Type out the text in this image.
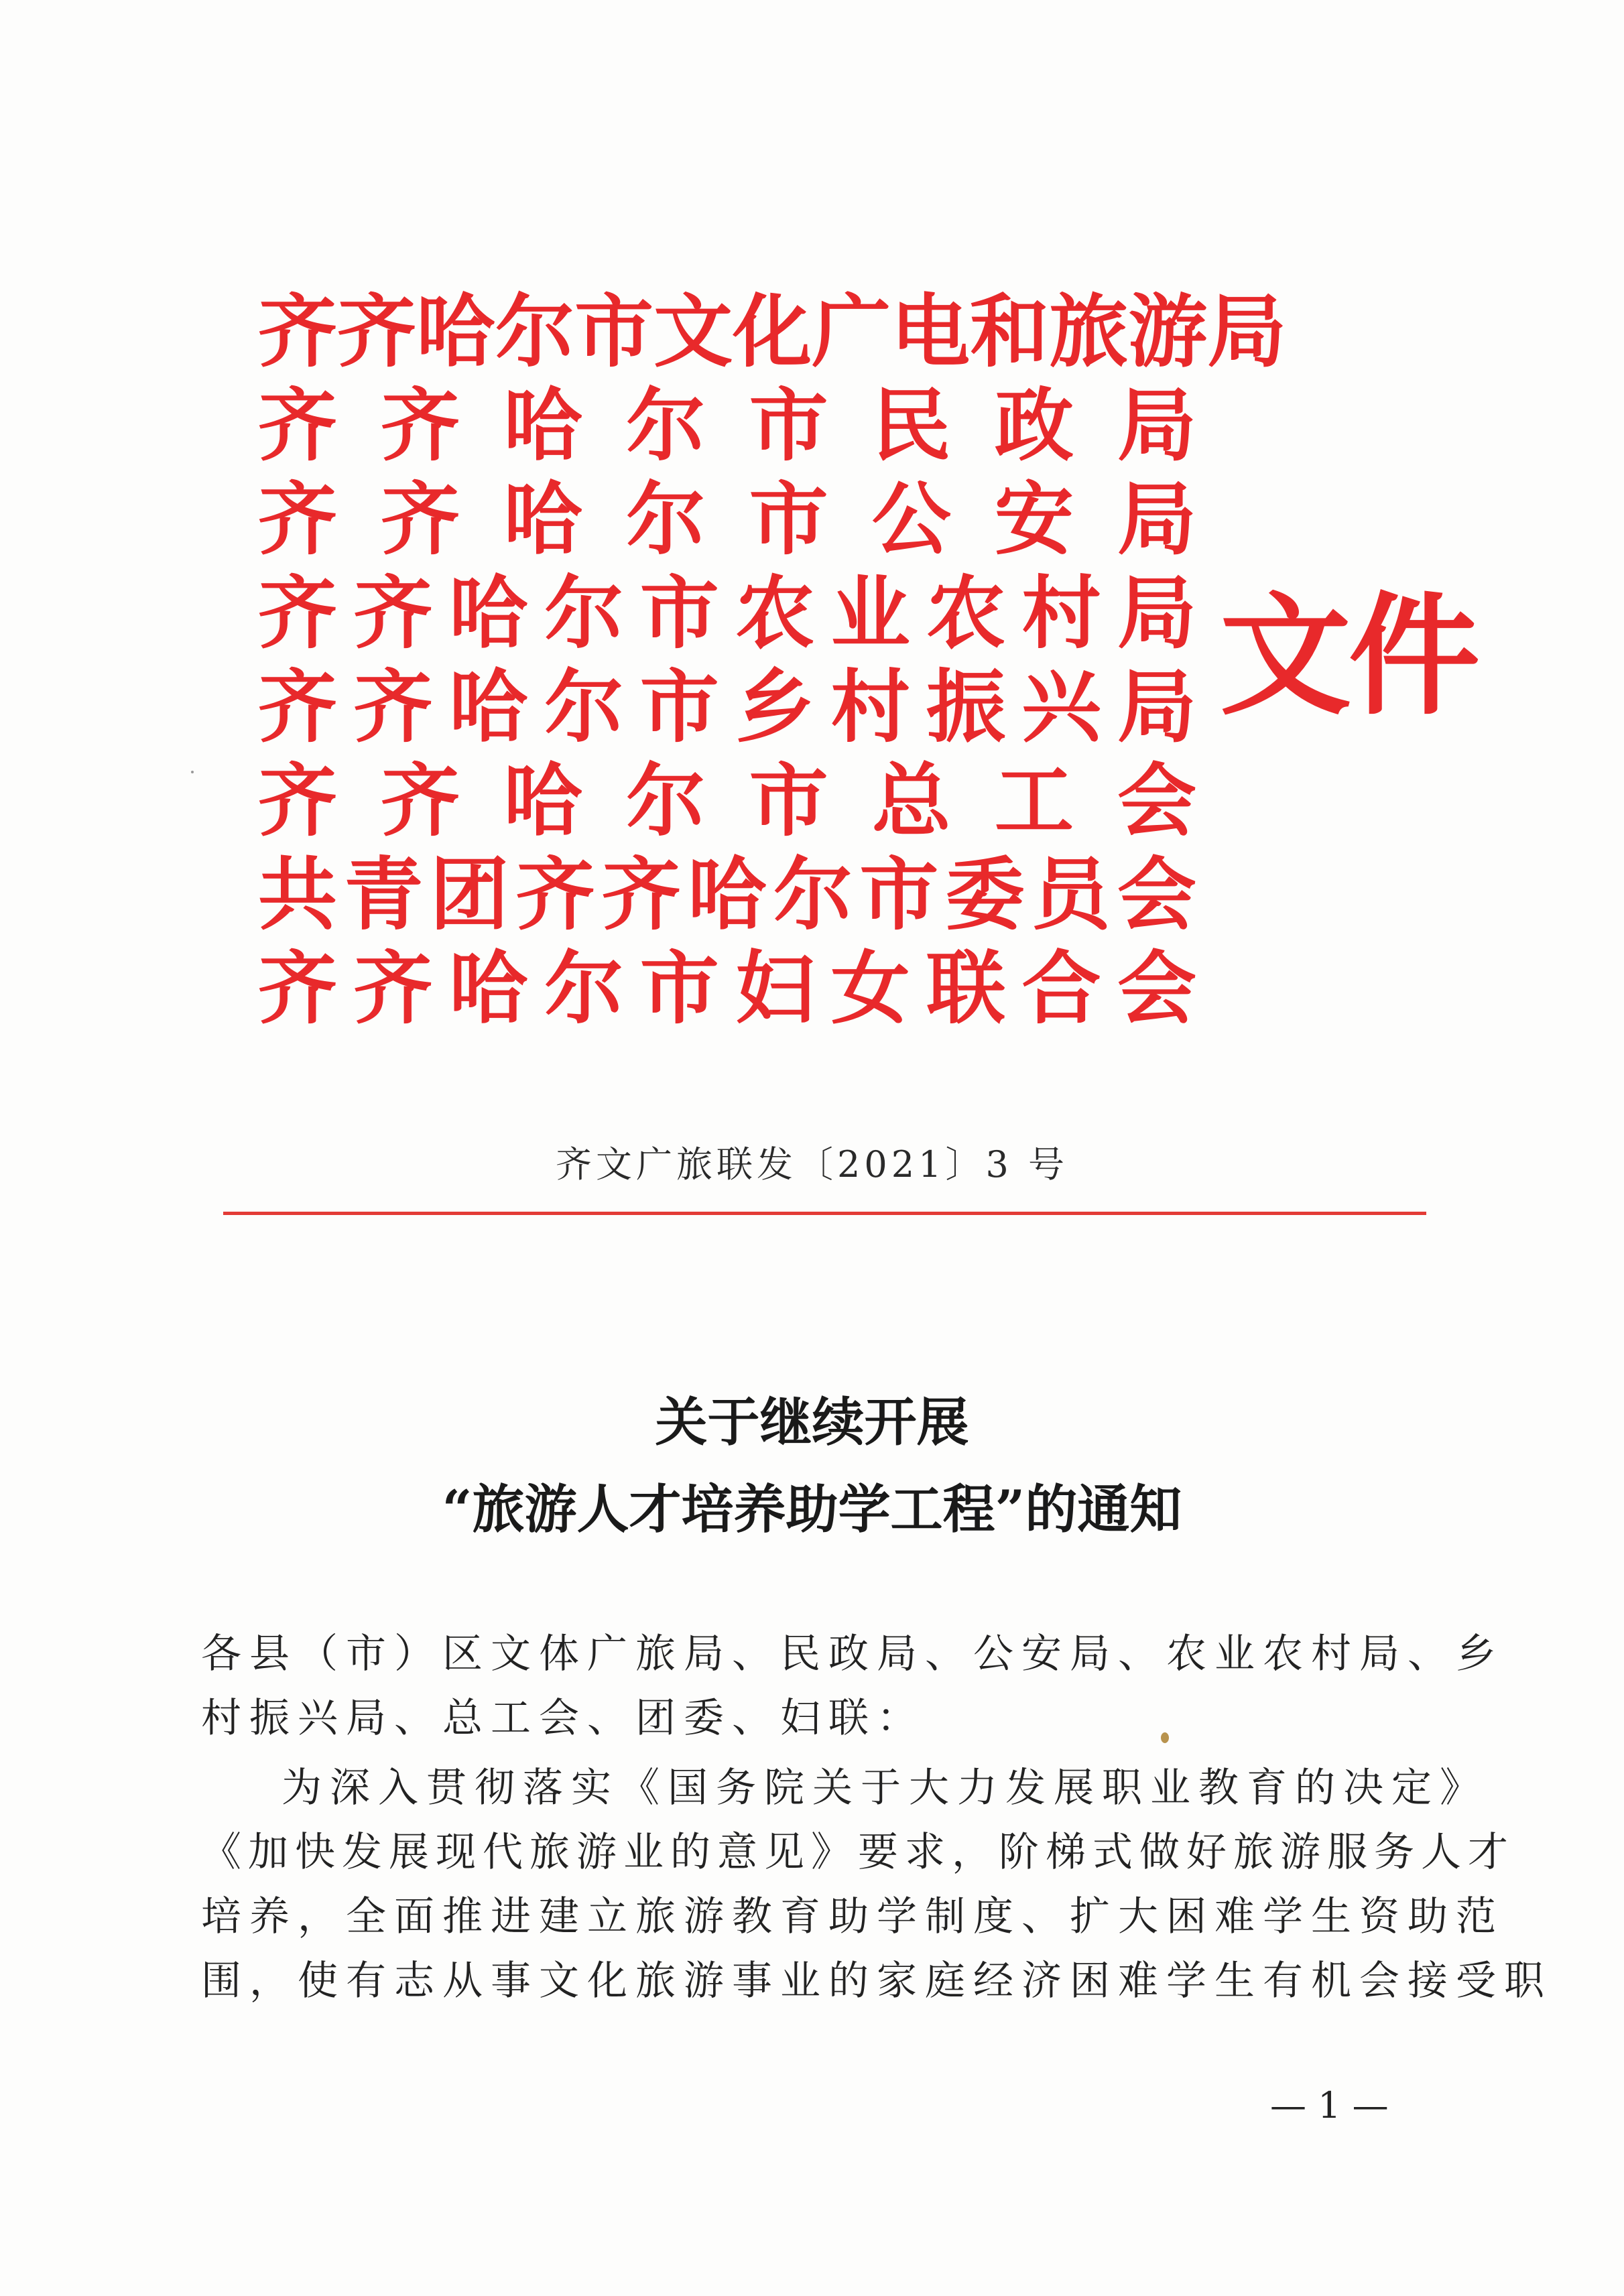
齐 齐 哈 尔 市 文 化 广 电 和 旅 游 局
齐 齐 哈 尔 市 民 政 局
齐 齐 哈 尔 市 公 安 局
齐 齐 哈 尔 市 农 业 农 村 局
齐 齐 哈 尔 市 乡 村 振 兴 局
齐 齐 哈 尔 市 总 工 会
共 青 团 齐 齐 哈 尔 市 委 员 会
齐 齐 哈 尔 市 妇 女 联 合 会
文件
齐文广旅联发〔2021〕3 号
关于继续开展
“旅游人才培养助学工程”的通知
各县（市）区文体广旅局、民政局、公安局、农业农村局、乡
村振兴局、总工会、团委、妇联：
为深入贯彻落实《国务院关于大力发展职业教育的决定》
《加快发展现代旅游业的意见》要求，阶梯式做好旅游服务人才
培养，全面推进建立旅游教育助学制度、扩大困难学生资助范
围，使有志从事文化旅游事业的家庭经济困难学生有机会接受职
— 1 —
